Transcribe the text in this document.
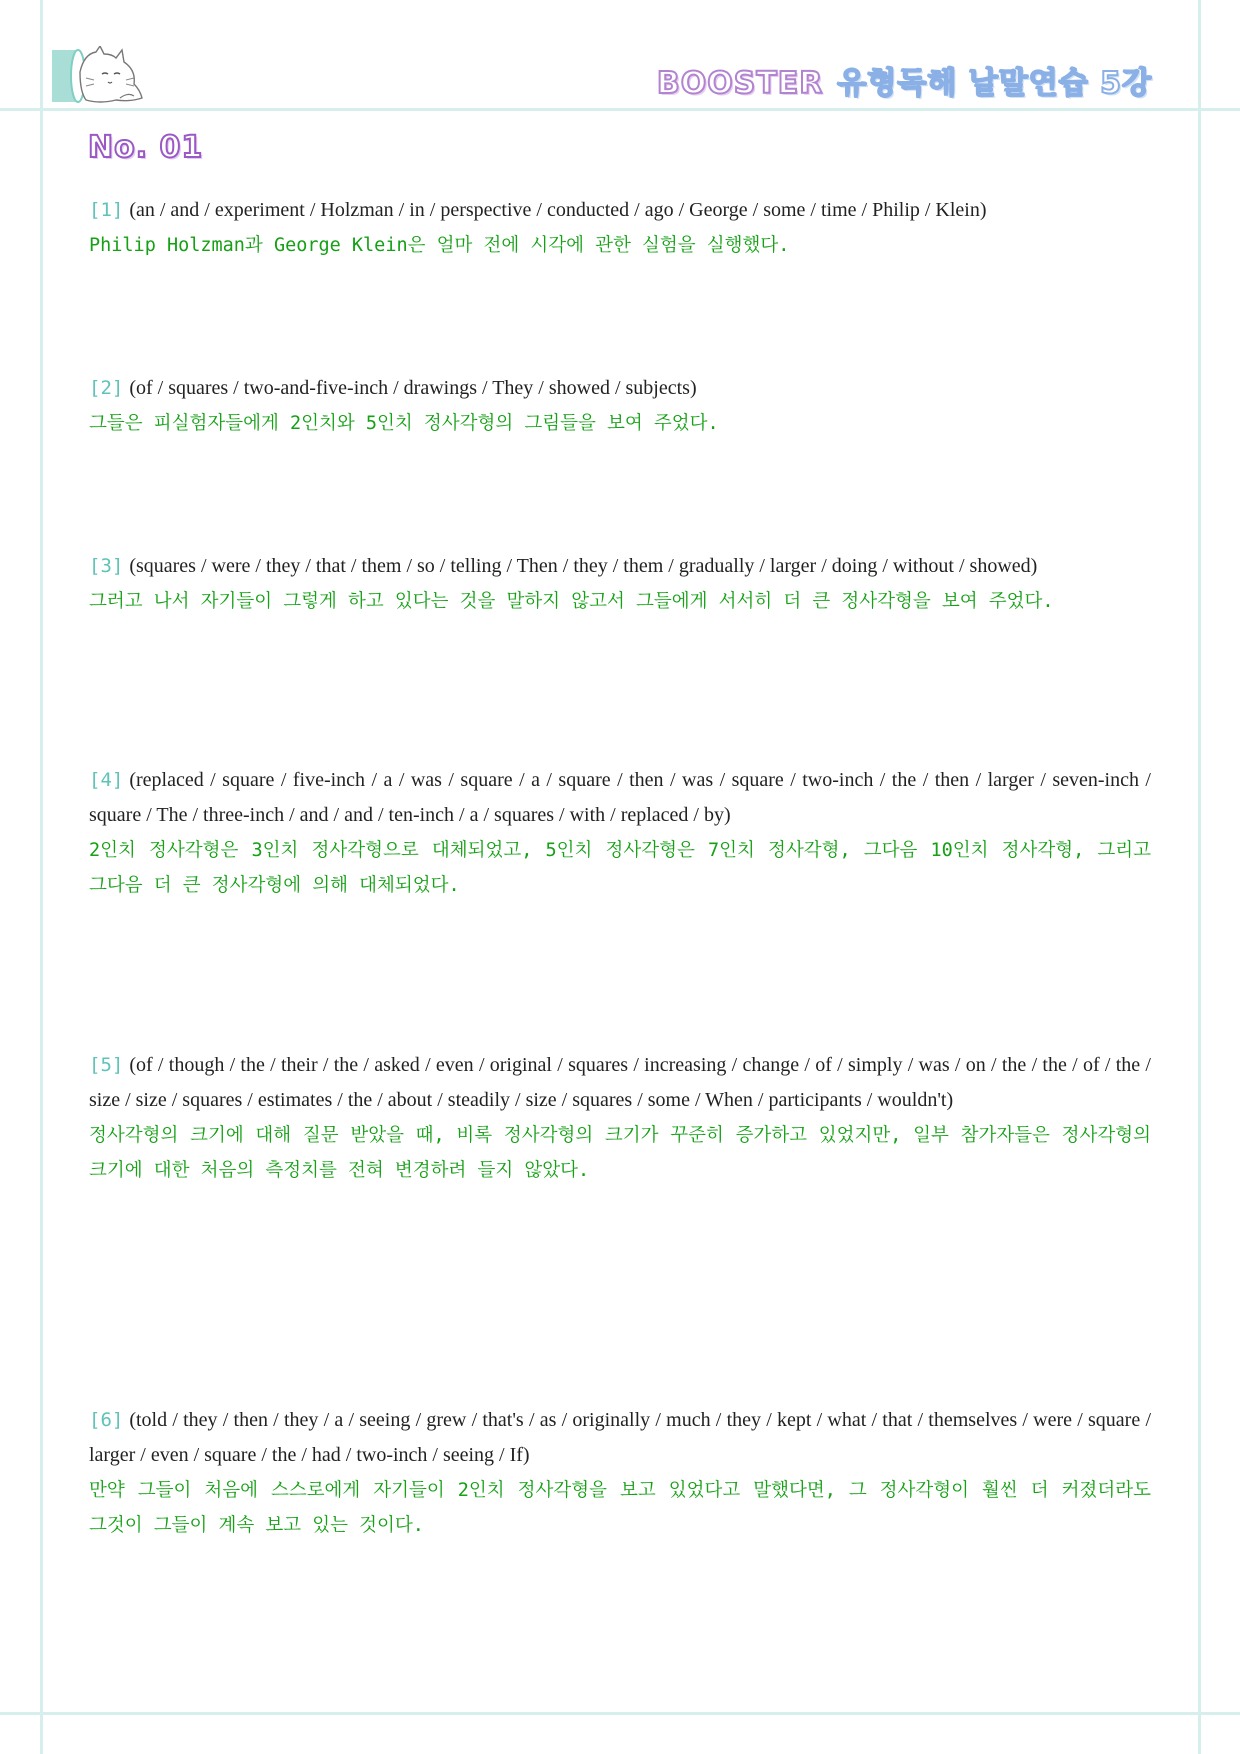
BOOSTER 유형독해 낱말연습 5강
No. 01

[1] (an / and / experiment / Holzman / in / perspective / conducted / ago / George / some / time / Philip / Klein)

Philip Holzman과 George Klein은 얼마 전에 시각에 관한 실험을 실행했다.

[2] (of / squares / two-and-five-inch / drawings / They / showed / subjects)

그들은 피실험자들에게 2인치와 5인치 정사각형의 그림들을 보여 주었다.

[3] (squares / were / they / that / them / so / telling / Then / they / them / gradually / larger / doing / without / showed)

그러고 나서 자기들이 그렇게 하고 있다는 것을 말하지 않고서 그들에게 서서히 더 큰 정사각형을 보여 주었다.

[4] (replaced / square / five-inch / a / was / square / a / square / then / was / square / two-inch / the / then / larger / seven-inch / square / The / three-inch / and / and / ten-inch / a / squares / with / replaced / by)

2인치 정사각형은 3인치 정사각형으로 대체되었고, 5인치 정사각형은 7인치 정사각형, 그다음 10인치 정사각형, 그리고 그다음 더 큰 정사각형에 의해 대체되었다.

[5] (of / though / the / their / the / asked / even / original / squares / increasing / change / of / simply / was / on / the / the / of / the / size / size / squares / estimates / the / about / steadily / size / squares / some / When / participants / wouldn't)

정사각형의 크기에 대해 질문 받았을 때, 비록 정사각형의 크기가 꾸준히 증가하고 있었지만, 일부 참가자들은 정사각형의 크기에 대한 처음의 측정치를 전혀 변경하려 들지 않았다.

[6] (told / they / then / they / a / seeing / grew / that's / as / originally / much / they / kept / what / that / themselves / were / square / larger / even / square / the / had / two-inch / seeing / If)

만약 그들이 처음에 스스로에게 자기들이 2인치 정사각형을 보고 있었다고 말했다면, 그 정사각형이 훨씬 더 커졌더라도 그것이 그들이 계속 보고 있는 것이다.
